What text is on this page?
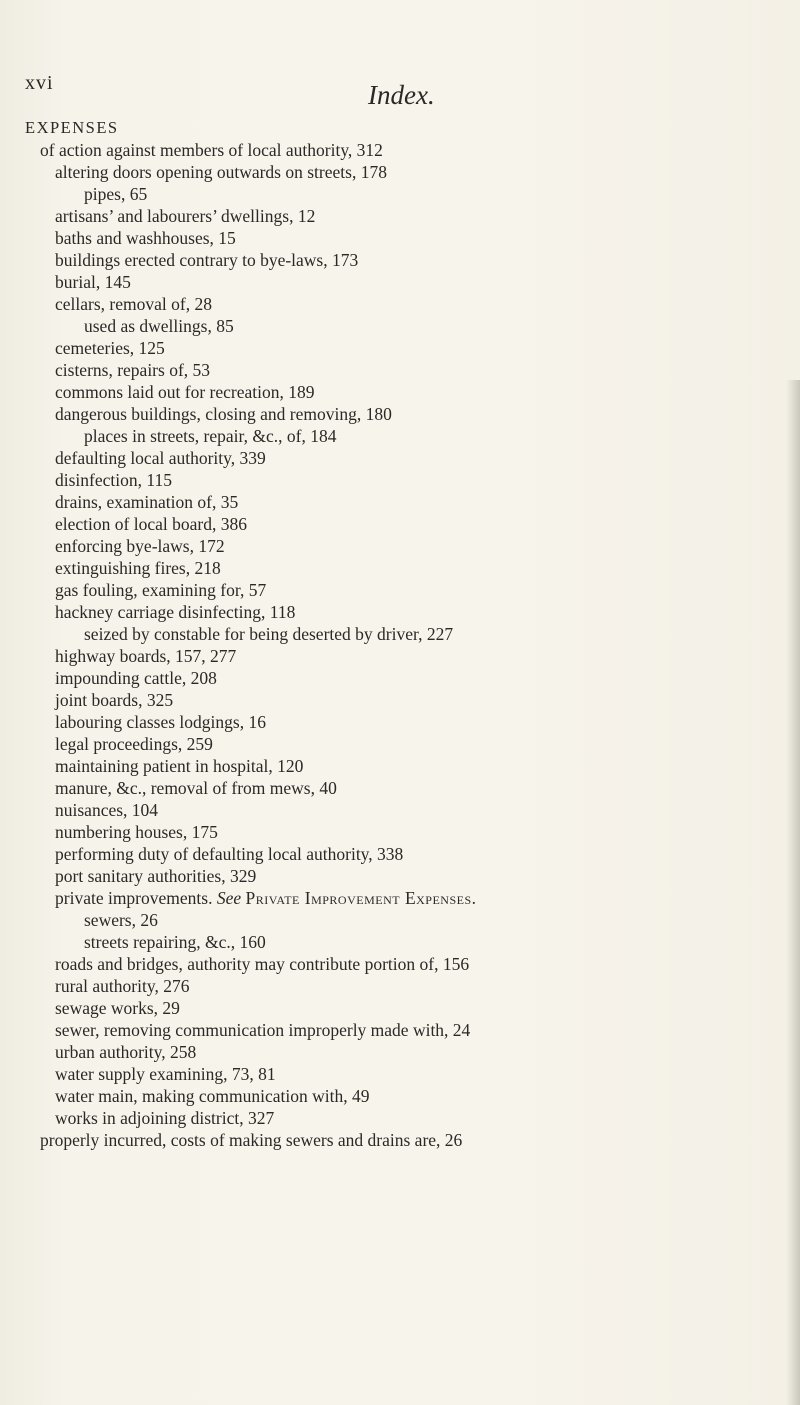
xvi	Index.
EXPENSES
of action against members of local authority, 312
altering doors opening outwards on streets, 178
pipes, 65
artisans’ and labourers’ dwellings, 12
baths and washhouses, 15
buildings erected contrary to bye-laws, 173
burial, 145
cellars, removal of, 28
used as dwellings, 85
cemeteries, 125
cisterns, repairs of, 53
commons laid out for recreation, 189
dangerous buildings, closing and removing, 180
places in streets, repair, &c., of, 184
defaulting local authority, 339
disinfection, 115
drains, examination of, 35
election of local board, 386
enforcing bye-laws, 172
extinguishing fires, 218
gas fouling, examining for, 57
hackney carriage disinfecting, 118
seized by constable for being deserted by driver, 227
highway boards, 157, 277
impounding cattle, 208
joint boards, 325
labouring classes lodgings, 16
legal proceedings, 259
maintaining patient in hospital, 120
manure, &c., removal of from mews, 40
nuisances, 104
numbering houses, 175
performing duty of defaulting local authority, 338
port sanitary authorities, 329
private improvements. See Private Improvement Expenses.
sewers, 26
streets repairing, &c., 160
roads and bridges, authority may contribute portion of, 156
rural authority, 276
sewage works, 29
sewer, removing communication improperly made with, 24
urban authority, 258
water supply examining, 73, 81
water main, making communication with, 49
works in adjoining district, 327
properly incurred, costs of making sewers and drains are, 26
